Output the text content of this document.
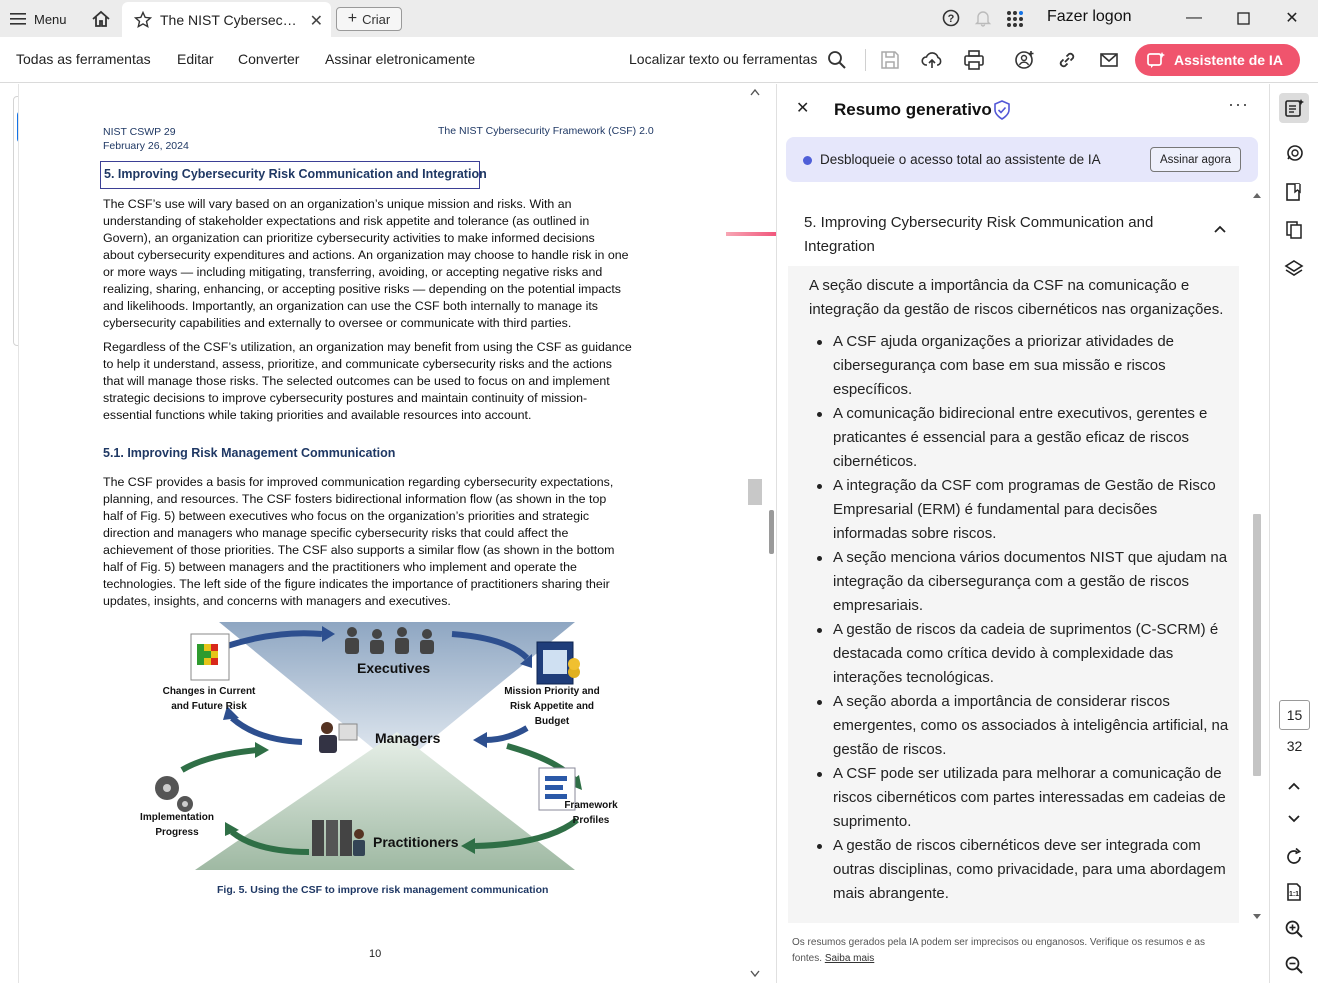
Menu	The NIST Cybersec… ✕ + Criar	?	Fazer logon	—	✕
Todas as ferramentas Editar Converter Assinar eletronicamente	Localizar texto ou ferramentas	Assistente de IA
NIST CSWP 29
February 26, 2024
The NIST Cybersecurity Framework (CSF) 2.0
5. Improving Cybersecurity Risk Communication and Integration
The CSF’s use will vary based on an organization’s unique mission and risks. With an
understanding of stakeholder expectations and risk appetite and tolerance (as outlined in
Govern), an organization can prioritize cybersecurity activities to make informed decisions
about cybersecurity expenditures and actions. An organization may choose to handle risk in one
or more ways — including mitigating, transferring, avoiding, or accepting negative risks and
realizing, sharing, enhancing, or accepting positive risks — depending on the potential impacts
and likelihoods. Importantly, an organization can use the CSF both internally to manage its
cybersecurity capabilities and externally to oversee or communicate with third parties.
Regardless of the CSF’s utilization, an organization may benefit from using the CSF as guidance
to help it understand, assess, prioritize, and communicate cybersecurity risks and the actions
that will manage those risks. The selected outcomes can be used to focus on and implement
strategic decisions to improve cybersecurity postures and maintain continuity of mission-
essential functions while taking priorities and available resources into account.
5.1. Improving Risk Management Communication
The CSF provides a basis for improved communication regarding cybersecurity expectations,
planning, and resources. The CSF fosters bidirectional information flow (as shown in the top
half of Fig. 5) between executives who focus on the organization’s priorities and strategic
direction and managers who manage specific cybersecurity risks that could affect the
achievement of those priorities. The CSF also supports a similar flow (as shown in the bottom
half of Fig. 5) between managers and the practitioners who implement and operate the
technologies. The left side of the figure indicates the importance of practitioners sharing their
updates, insights, and concerns with managers and executives.
Executives
Managers
Practitioners
Changes in Current
and Future Risk
Mission Priority and
Risk Appetite and
Budget
Framework
Profiles
Implementation
Progress
Fig. 5. Using the CSF to improve risk management communication
10
✕ Resumo generativo	···
Desbloqueie o acesso total ao assistente de IA	Assinar agora
5. Improving Cybersecurity Risk Communication and Integration
A seção discute a importância da CSF na comunicação e integração da gestão de riscos cibernéticos nas organizações.
A CSF ajuda organizações a priorizar atividades de cibersegurança com base em sua missão e riscos específicos.
A comunicação bidirecional entre executivos, gerentes e praticantes é essencial para a gestão eficaz de riscos cibernéticos.
A integração da CSF com programas de Gestão de Risco Empresarial (ERM) é fundamental para decisões informadas sobre riscos.
A seção menciona vários documentos NIST que ajudam na integração da cibersegurança com a gestão de riscos empresariais.
A gestão de riscos da cadeia de suprimentos (C-SCRM) é destacada como crítica devido à complexidade das interações tecnológicas.
A seção aborda a importância de considerar riscos emergentes, como os associados à inteligência artificial, na gestão de riscos.
A CSF pode ser utilizada para melhorar a comunicação de riscos cibernéticos com partes interessadas em cadeias de suprimento.
A gestão de riscos cibernéticos deve ser integrada com outras disciplinas, como privacidade, para uma abordagem mais abrangente.
Os resumos gerados pela IA podem ser imprecisos ou enganosos. Verifique os resumos e as fontes. Saiba mais
15
32
1:1
